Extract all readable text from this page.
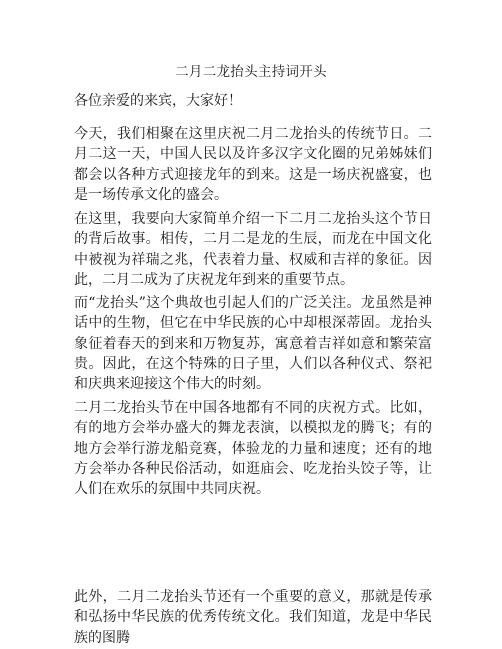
二月二龙抬头主持词开头
各位亲爱的来宾，大家好！

今天，我们相聚在这里庆祝二月二龙抬头的传统节日。二月二这一天，中国人民以及许多汉字文化圈的兄弟姊妹们都会以各种方式迎接龙年的到来。这是一场庆祝盛宴，也是一场传承文化的盛会。

在这里，我要向大家简单介绍一下二月二龙抬头这个节日的背后故事。相传，二月二是龙的生辰，而龙在中国文化中被视为祥瑞之兆，代表着力量、权威和吉祥的象征。因此，二月二成为了庆祝龙年到来的重要节点。

而“龙抬头”这个典故也引起人们的广泛关注。龙虽然是神话中的生物，但它在中华民族的心中却根深蒂固。龙抬头象征着春天的到来和万物复苏，寓意着吉祥如意和繁荣富贵。因此，在这个特殊的日子里，人们以各种仪式、祭祀和庆典来迎接这个伟大的时刻。

二月二龙抬头节在中国各地都有不同的庆祝方式。比如，有的地方会举办盛大的舞龙表演，以模拟龙的腾飞；有的地方会举行游龙船竞赛，体验龙的力量和速度；还有的地方会举办各种民俗活动，如逛庙会、吃龙抬头饺子等，让人们在欢乐的氛围中共同庆祝。

此外，二月二龙抬头节还有一个重要的意义，那就是传承和弘扬中华民族的优秀传统文化。我们知道，龙是中华民族的图腾
